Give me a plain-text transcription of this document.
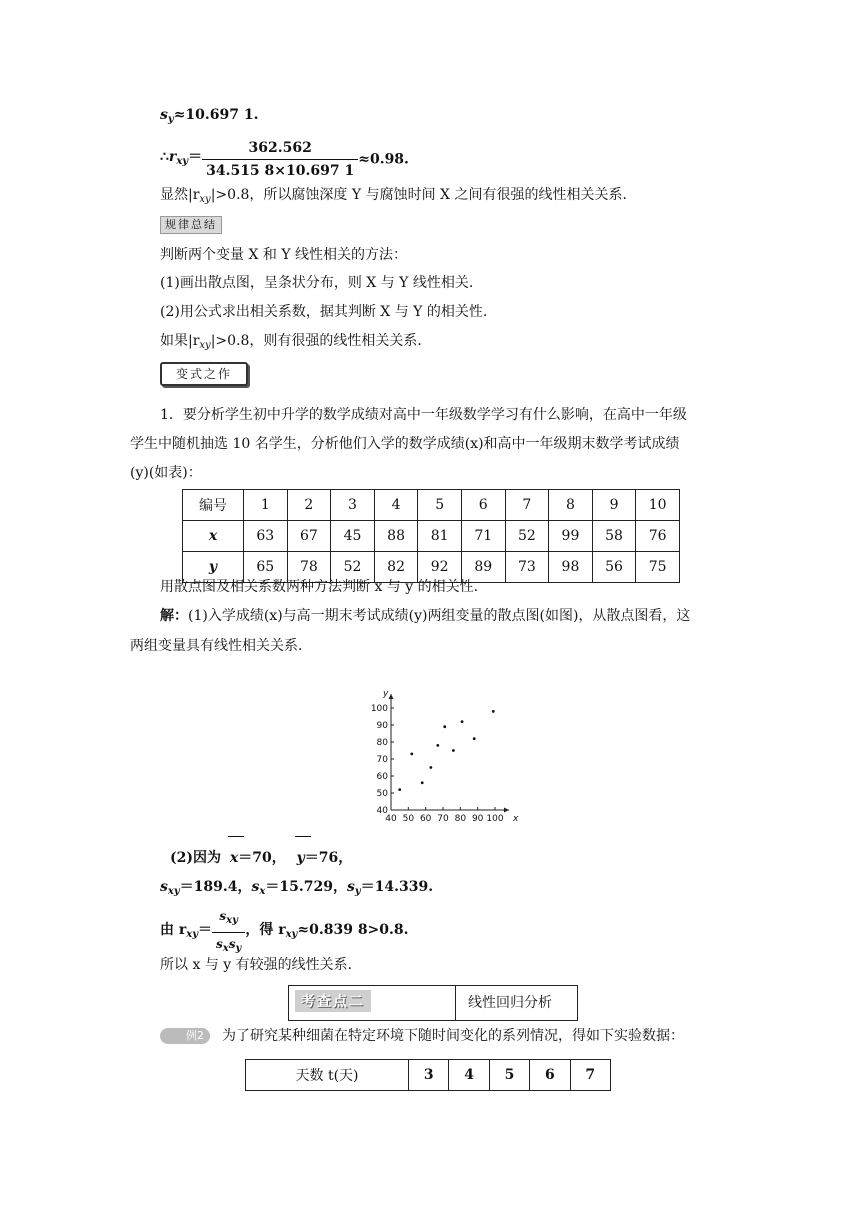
$s_y\approx 10.697$ 1.
$\therefore r_{xy}= \frac{362.562}{34.515 8\times 10.697 1} \approx 0.98$.
显然$|r_{xy}|>0.8$，所以腐蚀深度 Y 与腐蚀时间 X 之间有很强的线性相关关系．
规律总结
判断两个变量 X 和 Y 线性相关的方法：
(1)画出散点图，呈条状分布，则 X 与 Y 线性相关.
(2)用公式求出相关系数，据其判断 X 与 Y 的相关性.
如果$|r_{xy}|>0.8$，则有很强的线性相关关系．
变式之作
1．要分析学生初中升学的数学成绩对高中一年级数学学习有什么影响，在高中一年级
学生中随机抽选 10 名学生，分析他们入学的数学成绩(x)和高中一年级期末数学考试成绩
(y)(如表)：
编号	1	2	3	4	5	6	7	8	9	10
x	63	67	45	88	81	71	52	99	58	76
y	65	78	52	82	92	89	73	98	56	75
用散点图及相关系数两种方法判断 x 与 y 的相关性.
解：(1)入学成绩(x)与高一期末考试成绩(y)两组变量的散点图(如图)，从散点图看，这
两组变量具有线性相关关系．
40 50 60 70 80 90 100
40
50
60
70
80
90
100
x
y
(2)因为 x＝70， y＝76，
$s_{xy}=189.4$，$s_x=15.729$，$s_y=14.339$.
由 $r_{xy}= \frac{s_{xy}}{s_xs_y}$ ，得 $r_{xy}\approx 0.839$ 8>0.8.
所以 x 与 y 有较强的线性关系．
考查点二	线性回归分析
例2	为了研究某种细菌在特定环境下随时间变化的系列情况，得如下实验数据：
天数 t(天)	3	4	5	6	7
